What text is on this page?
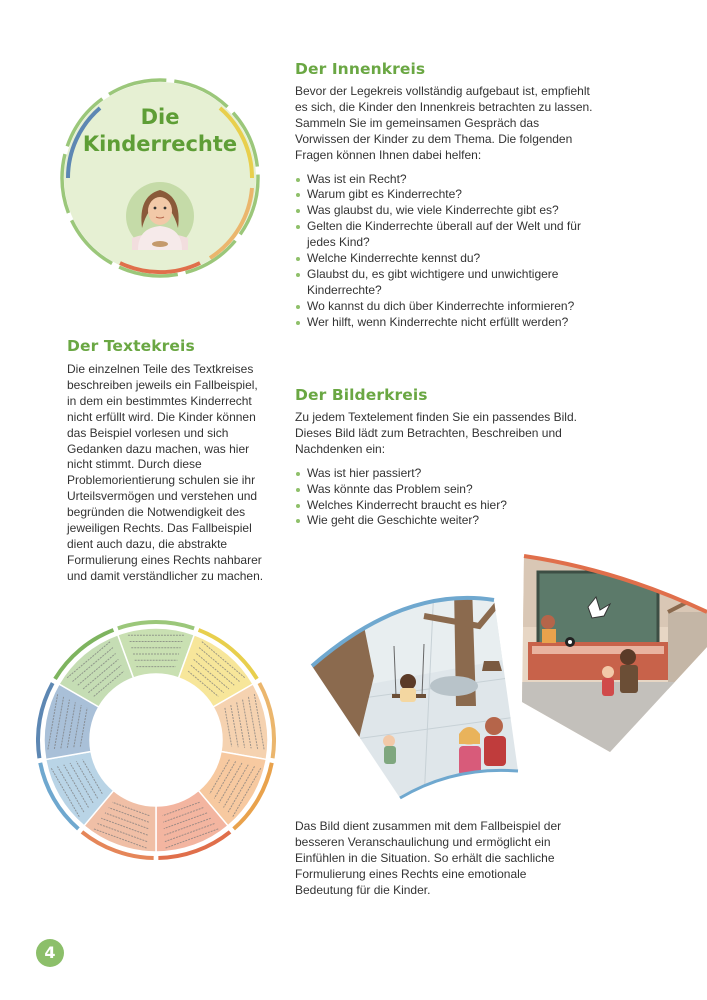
Die
Kinderrechte
Der Innenkreis

Bevor der Legekreis vollständig aufgebaut ist, empfiehlt es sich, die Kinder den Innenkreis betrachten zu lassen. Sammeln Sie im gemeinsamen Gespräch das Vorwissen der Kinder zu dem Thema. Die folgenden Fragen können Ihnen dabei helfen:

Was ist ein Recht?
Warum gibt es Kinderrechte?
Was glaubst du, wie viele Kinderrechte gibt es?
Gelten die Kinderrechte überall auf der Welt und für jedes Kind?
Welche Kinderrechte kennst du?
Glaubst du, es gibt wichtigere und unwichtigere Kinderrechte?
Wo kannst du dich über Kinderrechte informieren?
Wer hilft, wenn Kinderrechte nicht erfüllt werden?
Der Textekreis

Die einzelnen Teile des Textkreises beschreiben jeweils ein Fallbeispiel, in dem ein bestimmtes Kinderrecht nicht erfüllt wird. Die Kinder können das Beispiel vorlesen und sich Gedanken dazu machen, was hier nicht stimmt. Durch diese Problemorientierung schulen sie ihr Urteilsvermögen und verstehen und begründen die Notwendigkeit des jeweiligen Rechts. Das Fallbeispiel dient auch dazu, die abstrakte Formulierung eines Rechts nahbarer und damit verständlicher zu machen.

Der Bilderkreis

Zu jedem Textelement finden Sie ein passendes Bild. Dieses Bild lädt zum Betrachten, Beschreiben und Nachdenken ein:

Was ist hier passiert?
Was könnte das Problem sein?
Welches Kinderrecht braucht es hier?
Wie geht die Geschichte weiter?

Das Bild dient zusammen mit dem Fallbeispiel der besseren Veranschaulichung und ermöglicht ein Einfühlen in die Situation. So erhält die sachliche Formulierung eines Rechts eine emotionale Bedeutung für die Kinder.

4
